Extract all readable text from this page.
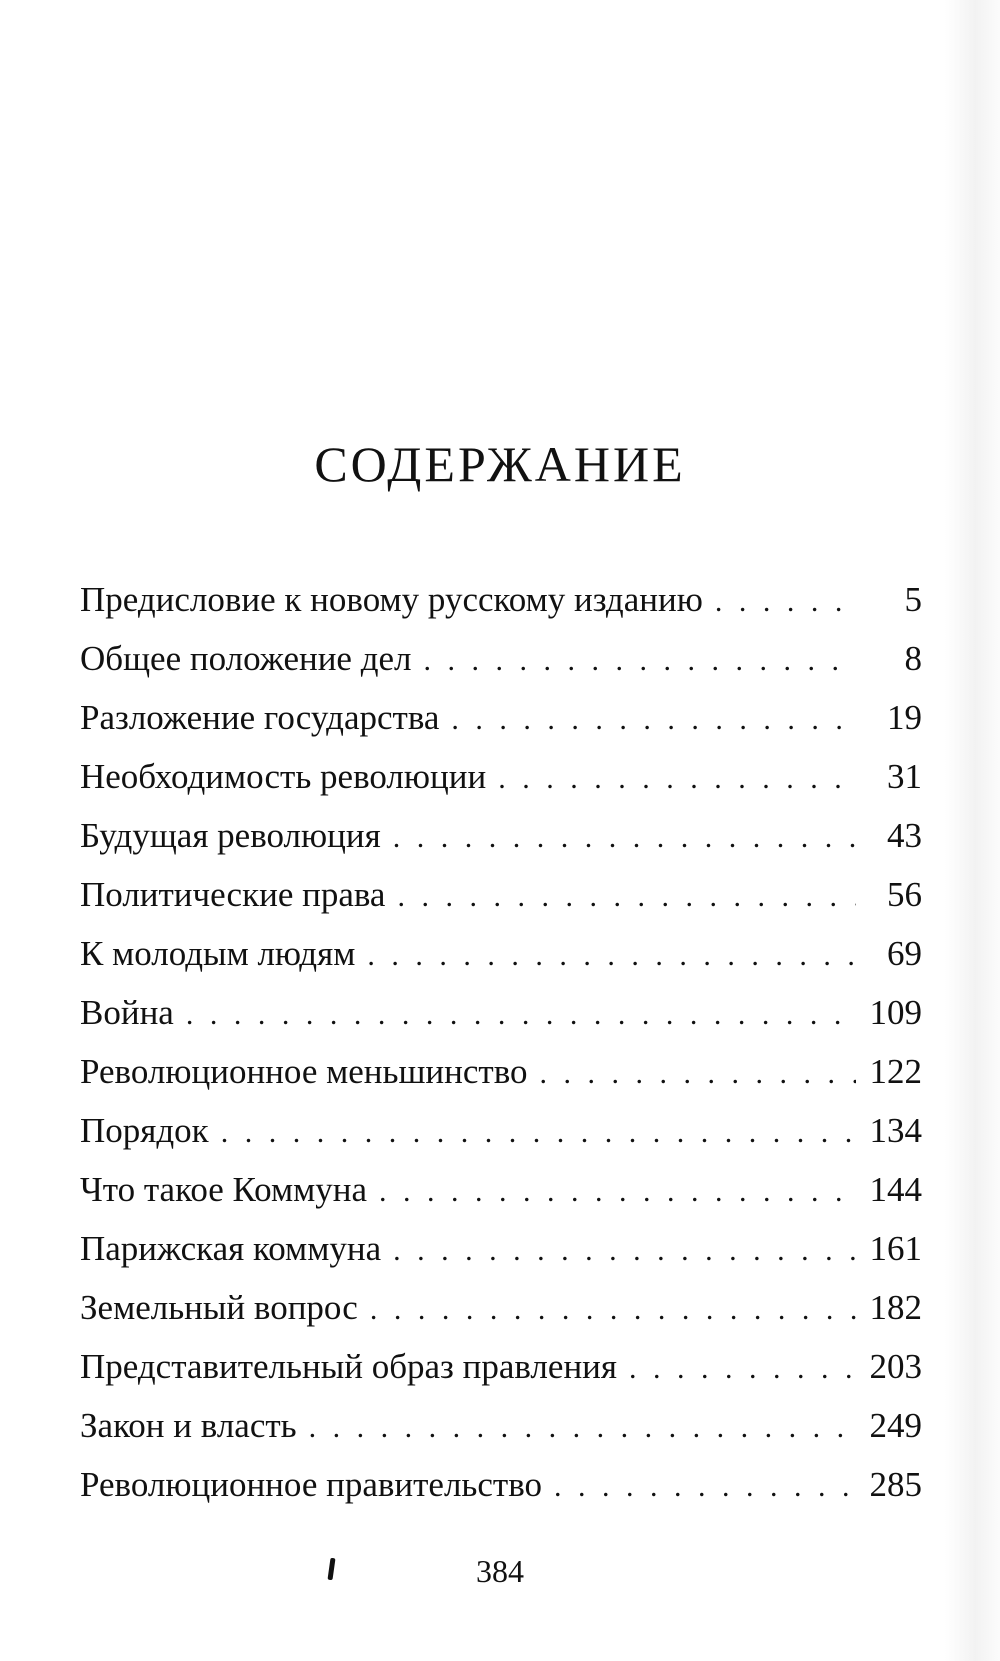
СОДЕРЖАНИЕ
Предисловие к новому русскому изданию . . .	5
Общее положение дел . . .	8
Разложение государства . . .	19
Необходимость революции . . .	31
Будущая революция . . .	43
Политические права . . .	56
К молодым людям . . .	69
Война . . .	109
Революционное меньшинство . . .	122
Порядок . . .	134
Что такое Коммуна . . .	144
Парижская коммуна . . .	161
Земельный вопрос . . .	182
Представительный образ правления . . .	203
Закон и власть . . .	249
Революционное правительство . . .	285
384
